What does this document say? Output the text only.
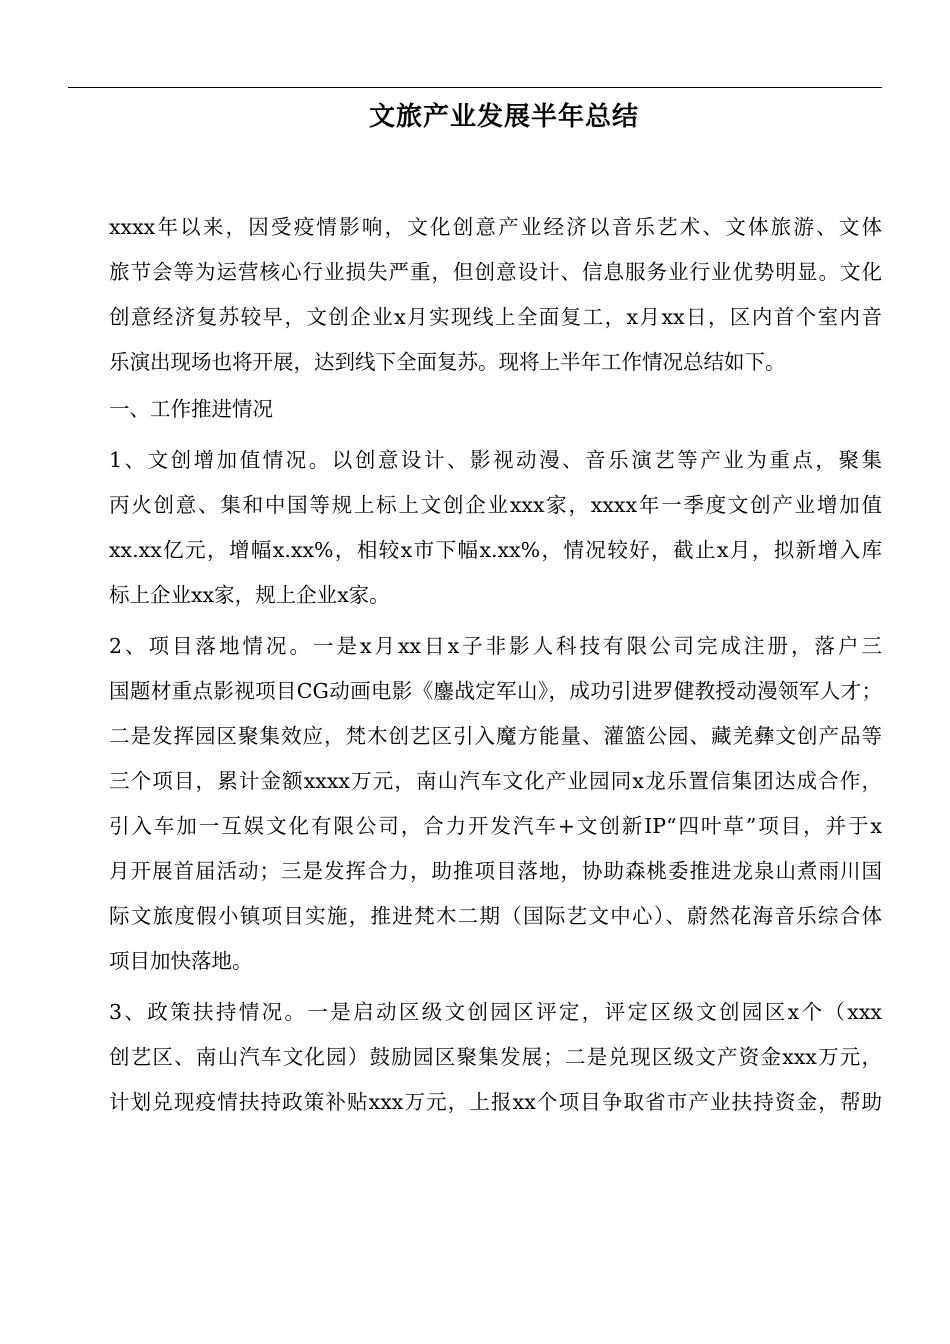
文旅产业发展半年总结
xxxx年以来，因受疫情影响，文化创意产业经济以音乐艺术、文体旅游、文体
旅节会等为运营核心行业损失严重，但创意设计、信息服务业行业优势明显。文化
创意经济复苏较早，文创企业x月实现线上全面复工，x月xx日，区内首个室内音
乐演出现场也将开展，达到线下全面复苏。现将上半年工作情况总结如下。
一、工作推进情况
1、文创增加值情况。以创意设计、影视动漫、音乐演艺等产业为重点，聚集
丙火创意、集和中国等规上标上文创企业xxx家，xxxx年一季度文创产业增加值
xx.xx亿元，增幅x.xx%，相较x市下幅x.xx%，情况较好，截止x月，拟新增入库
标上企业xx家，规上企业x家。
2、项目落地情况。一是x月xx日x子非影人科技有限公司完成注册，落户三
国题材重点影视项目CG动画电影《鏖战定军山》，成功引进罗健教授动漫领军人才；
二是发挥园区聚集效应，梵木创艺区引入魔方能量、灌篮公园、藏羌彝文创产品等
三个项目，累计金额xxxx万元，南山汽车文化产业园同x龙乐置信集团达成合作，
引入车加一互娱文化有限公司，合力开发汽车+文创新IP“四叶草”项目，并于x
月开展首届活动；三是发挥合力，助推项目落地，协助森桃委推进龙泉山煮雨川国
际文旅度假小镇项目实施，推进梵木二期（国际艺文中心）、蔚然花海音乐综合体
项目加快落地。
3、政策扶持情况。一是启动区级文创园区评定，评定区级文创园区x个（xxx
创艺区、南山汽车文化园）鼓励园区聚集发展；二是兑现区级文产资金xxx万元，
计划兑现疫情扶持政策补贴xxx万元，上报xx个项目争取省市产业扶持资金，帮助
